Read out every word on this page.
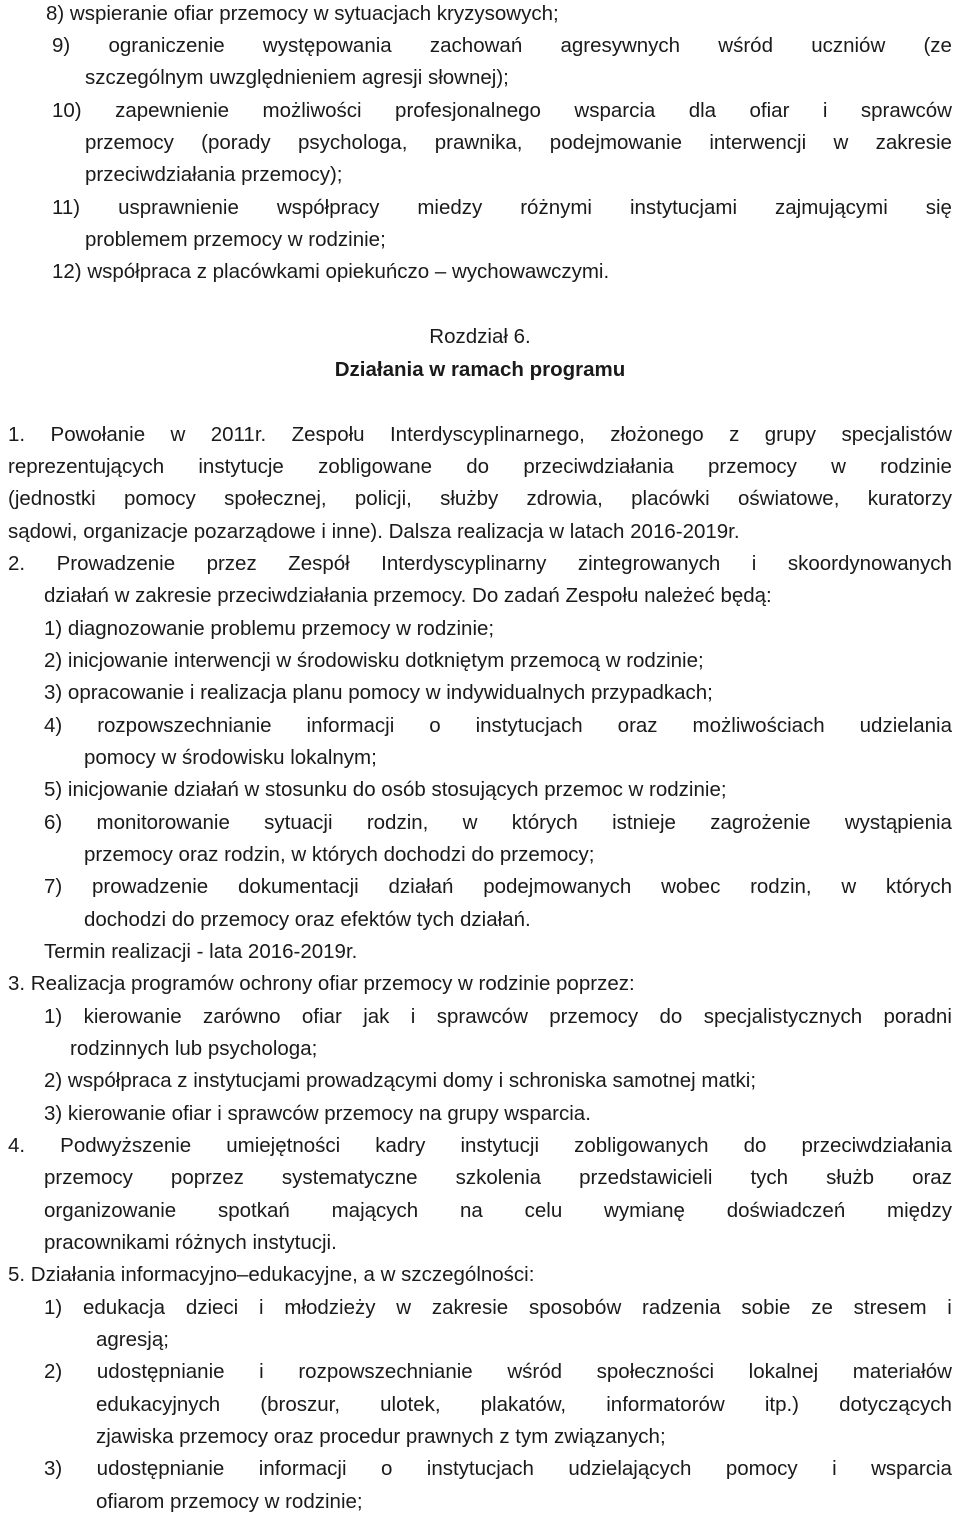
8) wspieranie ofiar przemocy w sytuacjach kryzysowych;
9) ograniczenie występowania zachowań agresywnych wśród uczniów (ze
szczególnym uwzględnieniem agresji słownej);
10) zapewnienie możliwości profesjonalnego wsparcia dla ofiar i sprawców
przemocy (porady psychologa, prawnika, podejmowanie interwencji w zakresie
przeciwdziałania przemocy);
11) usprawnienie współpracy miedzy różnymi instytucjami zajmującymi się
problemem przemocy w rodzinie;
12) współpraca z placówkami opiekuńczo – wychowawczymi.
Rozdział 6.
Działania w ramach programu
1. Powołanie w 2011r. Zespołu Interdyscyplinarnego, złożonego z grupy specjalistów
reprezentujących instytucje zobligowane do przeciwdziałania przemocy w rodzinie
(jednostki pomocy społecznej, policji, służby zdrowia, placówki oświatowe, kuratorzy
sądowi, organizacje pozarządowe i inne). Dalsza realizacja w latach 2016-2019r.
2. Prowadzenie przez Zespół Interdyscyplinarny zintegrowanych i skoordynowanych
działań w zakresie przeciwdziałania przemocy. Do zadań Zespołu należeć będą:
1) diagnozowanie problemu przemocy w rodzinie;
2) inicjowanie interwencji w środowisku dotkniętym przemocą w rodzinie;
3) opracowanie i realizacja planu pomocy w indywidualnych przypadkach;
4) rozpowszechnianie informacji o instytucjach oraz możliwościach udzielania
pomocy w środowisku lokalnym;
5) inicjowanie działań w stosunku do osób stosujących przemoc w rodzinie;
6) monitorowanie sytuacji rodzin, w których istnieje zagrożenie wystąpienia
przemocy oraz rodzin, w których dochodzi do przemocy;
7) prowadzenie dokumentacji działań podejmowanych wobec rodzin, w których
dochodzi do przemocy oraz efektów tych działań.
Termin realizacji - lata 2016-2019r.
3. Realizacja programów ochrony ofiar przemocy w rodzinie poprzez:
1) kierowanie zarówno ofiar jak i sprawców przemocy do specjalistycznych poradni
rodzinnych lub psychologa;
2) współpraca z instytucjami prowadzącymi domy i schroniska samotnej matki;
3) kierowanie ofiar i sprawców przemocy na grupy wsparcia.
4. Podwyższenie umiejętności kadry instytucji zobligowanych do przeciwdziałania
przemocy poprzez systematyczne szkolenia przedstawicieli tych służb oraz
organizowanie spotkań mających na celu wymianę doświadczeń między
pracownikami różnych instytucji.
5. Działania informacyjno–edukacyjne, a w szczególności:
1) edukacja dzieci i młodzieży w zakresie sposobów radzenia sobie ze stresem i
agresją;
2) udostępnianie i rozpowszechnianie wśród społeczności lokalnej materiałów
edukacyjnych (broszur, ulotek, plakatów, informatorów itp.) dotyczących
zjawiska przemocy oraz procedur prawnych z tym związanych;
3) udostępnianie informacji o instytucjach udzielających pomocy i wsparcia
ofiarom przemocy w rodzinie;
